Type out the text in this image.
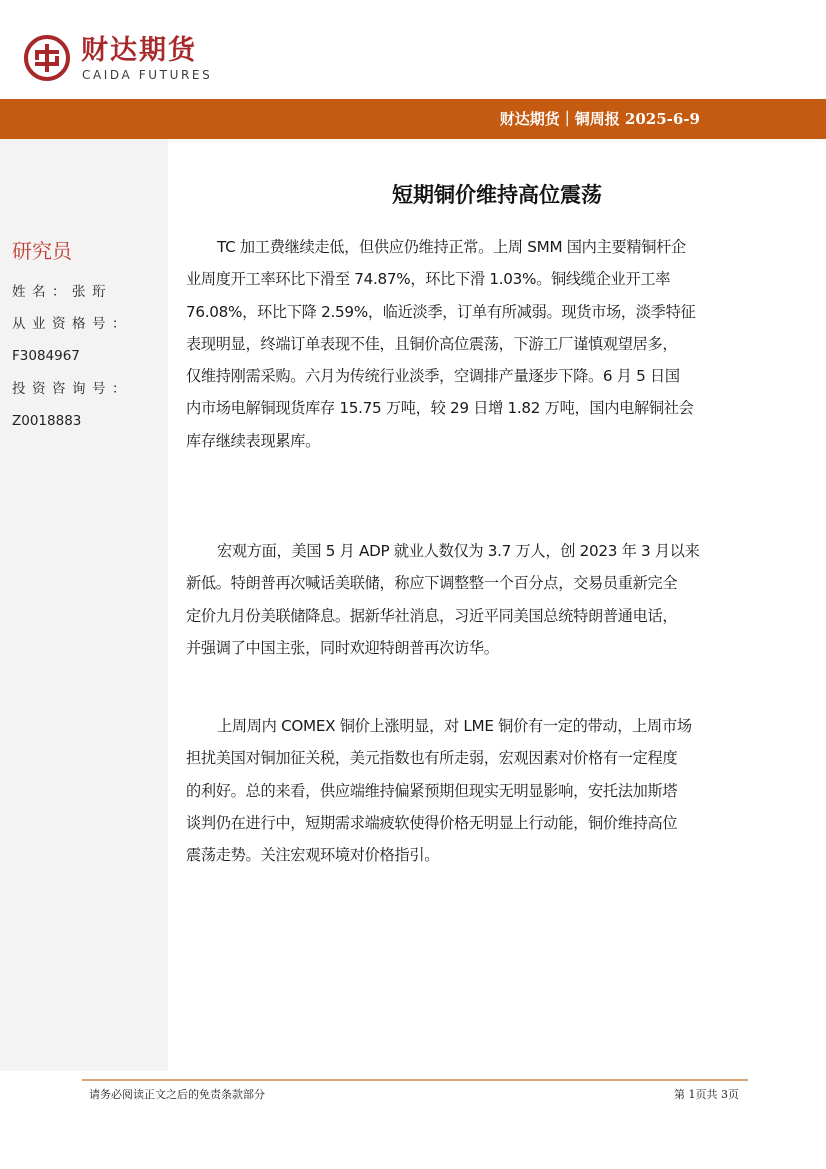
财达期货
CAIDA FUTURES
财达期货｜铜周报 2025-6-9
研究员
姓名：张珩
从业资格号：
F3084967
投资咨询号：
Z0018883
短期铜价维持高位震荡
TC 加工费继续走低，但供应仍维持正常。上周 SMM 国内主要精铜杆企
业周度开工率环比下滑至 74.87%，环比下滑 1.03%。铜线缆企业开工率
76.08%，环比下降 2.59%，临近淡季，订单有所减弱。现货市场，淡季特征
表现明显，终端订单表现不佳，且铜价高位震荡，下游工厂谨慎观望居多，
仅维持刚需采购。六月为传统行业淡季，空调排产量逐步下降。6 月 5 日国
内市场电解铜现货库存 15.75 万吨，较 29 日增 1.82 万吨，国内电解铜社会
库存继续表现累库。
宏观方面，美国 5 月 ADP 就业人数仅为 3.7 万人，创 2023 年 3 月以来
新低。特朗普再次喊话美联储，称应下调整整一个百分点，交易员重新完全
定价九月份美联储降息。据新华社消息，习近平同美国总统特朗普通电话，
并强调了中国主张，同时欢迎特朗普再次访华。
上周周内 COMEX 铜价上涨明显，对 LME 铜价有一定的带动，上周市场
担扰美国对铜加征关税，美元指数也有所走弱，宏观因素对价格有一定程度
的利好。总的来看，供应端维持偏紧预期但现实无明显影响，安托法加斯塔
谈判仍在进行中，短期需求端疲软使得价格无明显上行动能，铜价维持高位
震荡走势。关注宏观环境对价格指引。
请务必阅读正文之后的免责条款部分	第 1页共 3页
